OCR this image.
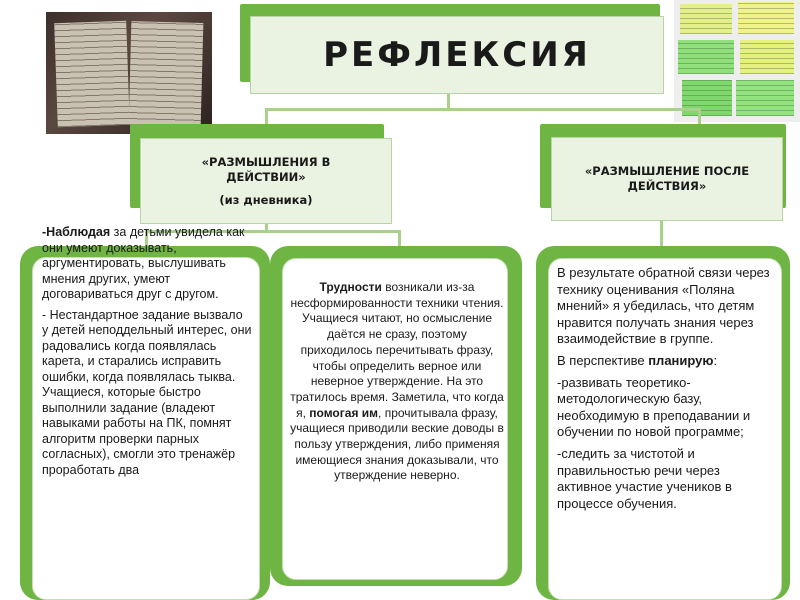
РЕФЛЕКСИЯ
«РАЗМЫШЛЕНИЯ В ДЕЙСТВИИ»
(из дневника)
«РАЗМЫШЛЕНИЕ ПОСЛЕ ДЕЙСТВИЯ»

-Наблюдая за детьми увидела как они умеют доказывать, аргументировать, выслушивать мнения других, умеют договариваться друг с другом.

- Нестандартное задание вызвало у детей неподдельный интерес, они радовались когда появлялась карета, и старались исправить ошибки, когда появлялась тыква. Учащиеся, которые быстро выполнили задание (владеют навыками работы на ПК, помнят алгоритм проверки парных согласных), смогли это тренажёр проработать два

Трудности возникали из-за несформированности техники чтения. Учащиеся читают, но осмысление даётся не сразу, поэтому приходилось перечитывать фразу, чтобы определить верное или неверное утверждение. На это тратилось время. Заметила, что когда я, помогая им, прочитывала фразу, учащиеся приводили веские доводы в пользу утверждения, либо применяя имеющиеся знания доказывали, что утверждение неверно.

В результате обратной связи через технику оценивания «Поляна мнений» я убедилась, что детям нравится получать знания через взаимодействие в группе.

В перспективе планирую:

-развивать теоретико-методологическую базу, необходимую в преподавании и обучении по новой программе;

-следить за чистотой и правильностью речи через активное участие учеников в процессе обучения.
